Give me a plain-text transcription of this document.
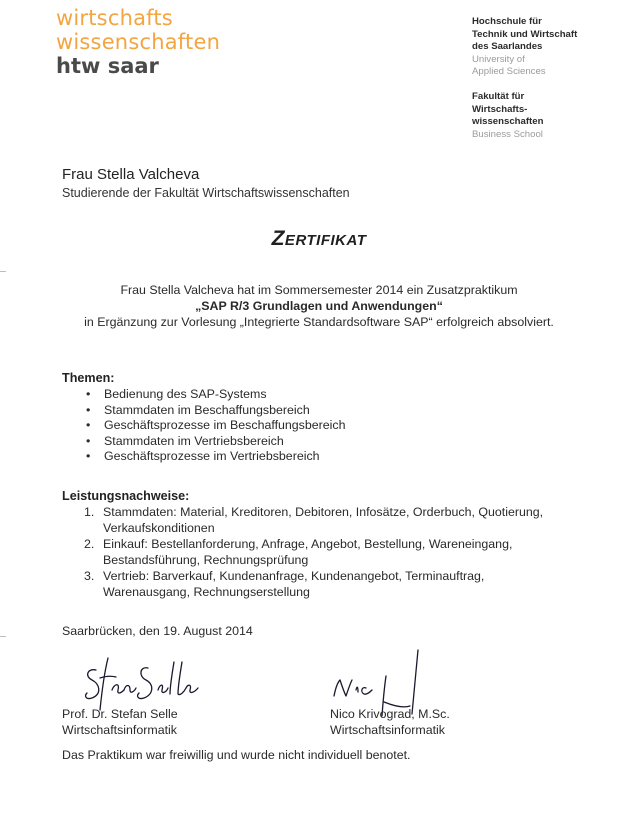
wirtschafts
wissenschaften
htw saar
Hochschule für
Technik und Wirtschaft
des Saarlandes
University of
Applied Sciences
Fakultät für
Wirtschafts-
wissenschaften
Business School
Frau Stella Valcheva
Studierende der Fakultät Wirtschaftswissenschaften
Zertifikat
Frau Stella Valcheva hat im Sommersemester 2014 ein Zusatzpraktikum
„SAP R/3 Grundlagen und Anwendungen“
in Ergänzung zur Vorlesung „Integrierte Standardsoftware SAP“ erfolgreich absolviert.
Themen:
• Bedienung des SAP-Systems
• Stammdaten im Beschaffungsbereich
• Geschäftsprozesse im Beschaffungsbereich
• Stammdaten im Vertriebsbereich
• Geschäftsprozesse im Vertriebsbereich
Leistungsnachweise:
1. Stammdaten: Material, Kreditoren, Debitoren, Infosätze, Orderbuch, Quotierung, Verkaufskonditionen
2. Einkauf: Bestellanforderung, Anfrage, Angebot, Bestellung, Wareneingang, Bestandsführung, Rechnungsprüfung
3. Vertrieb: Barverkauf, Kundenanfrage, Kundenangebot, Terminauftrag, Warenausgang, Rechnungserstellung
Saarbrücken, den 19. August 2014
Prof. Dr. Stefan Selle
Wirtschaftsinformatik
Nico Krivograd, M.Sc.
Wirtschaftsinformatik
Das Praktikum war freiwillig und wurde nicht individuell benotet.
